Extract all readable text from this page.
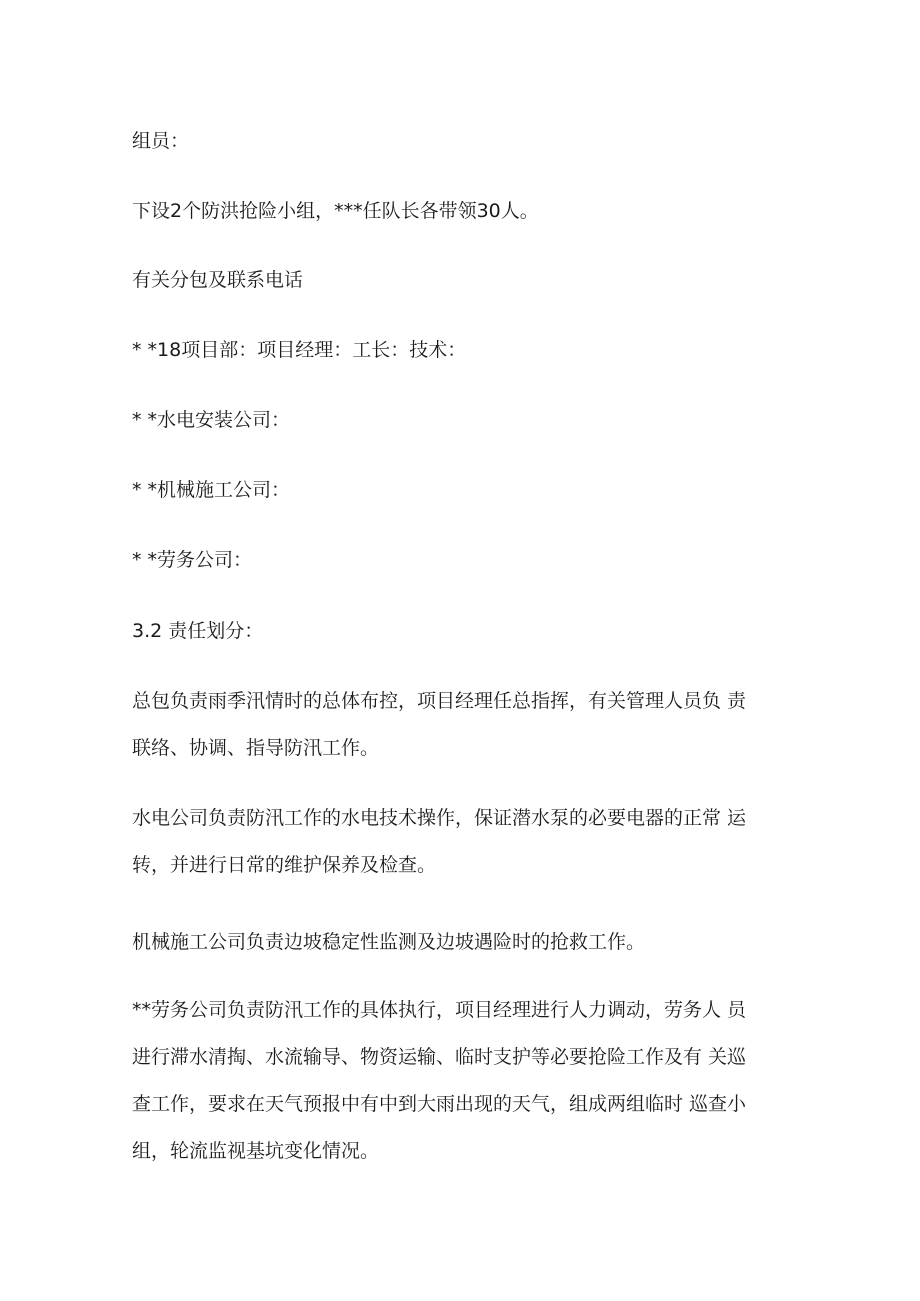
组员：

下设2个防洪抢险小组，***任队长各带领30人。

有关分包及联系电话

* *18项目部：项目经理：工长：技术：

* *水电安装公司：

* *机械施工公司：

* *劳务公司：

3.2 责任划分：

总包负责雨季汛情时的总体布控，项目经理任总指挥，有关管理人员负 责

联络、协调、指导防汛工作。

水电公司负责防汛工作的水电技术操作，保证潜水泵的必要电器的正常 运

转，并进行日常的维护保养及检查。

机械施工公司负责边坡稳定性监测及边坡遇险时的抢救工作。

**劳务公司负责防汛工作的具体执行，项目经理进行人力调动，劳务人 员

进行滞水清掏、水流输导、物资运输、临时支护等必要抢险工作及有 关巡

查工作，要求在天气预报中有中到大雨出现的天气，组成两组临时 巡查小

组，轮流监视基坑变化情况。
